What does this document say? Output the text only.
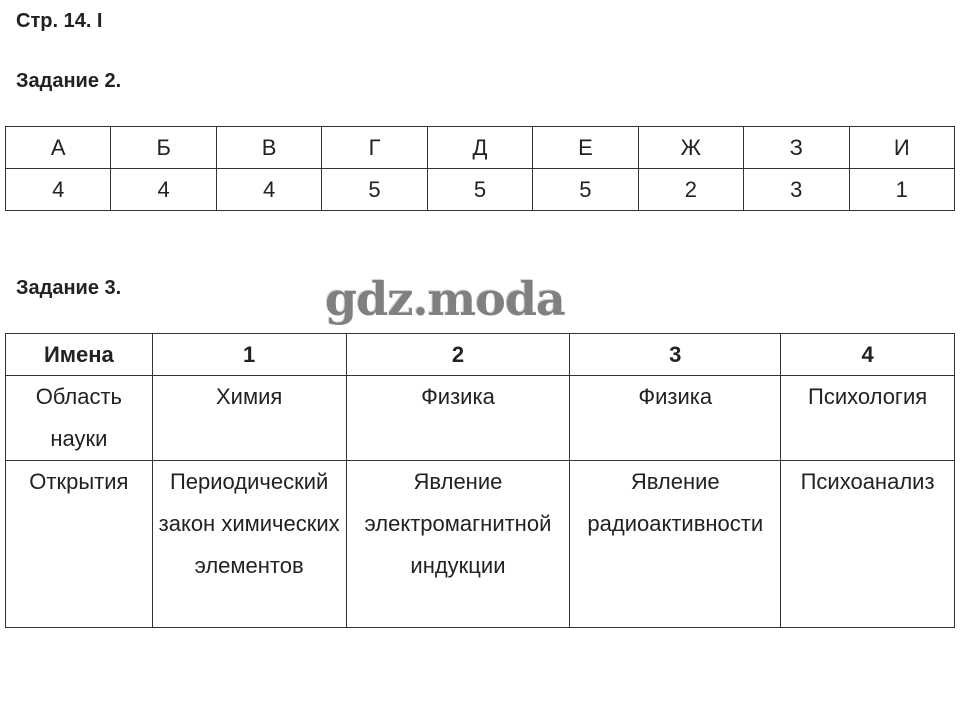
Стр. 14. I
Задание 2.
А	Б	В	Г	Д	Е	Ж	З	И
4	4	4	5	5	5	2	3	1
Задание 3.
Имена	1	2	3	4
Область науки	Химия	Физика	Физика	Психология
Открытия	Периодический закон химических элементов	Явление электромагнитной индукции	Явление радиоактивности	Психоанализ
gdz.moda
